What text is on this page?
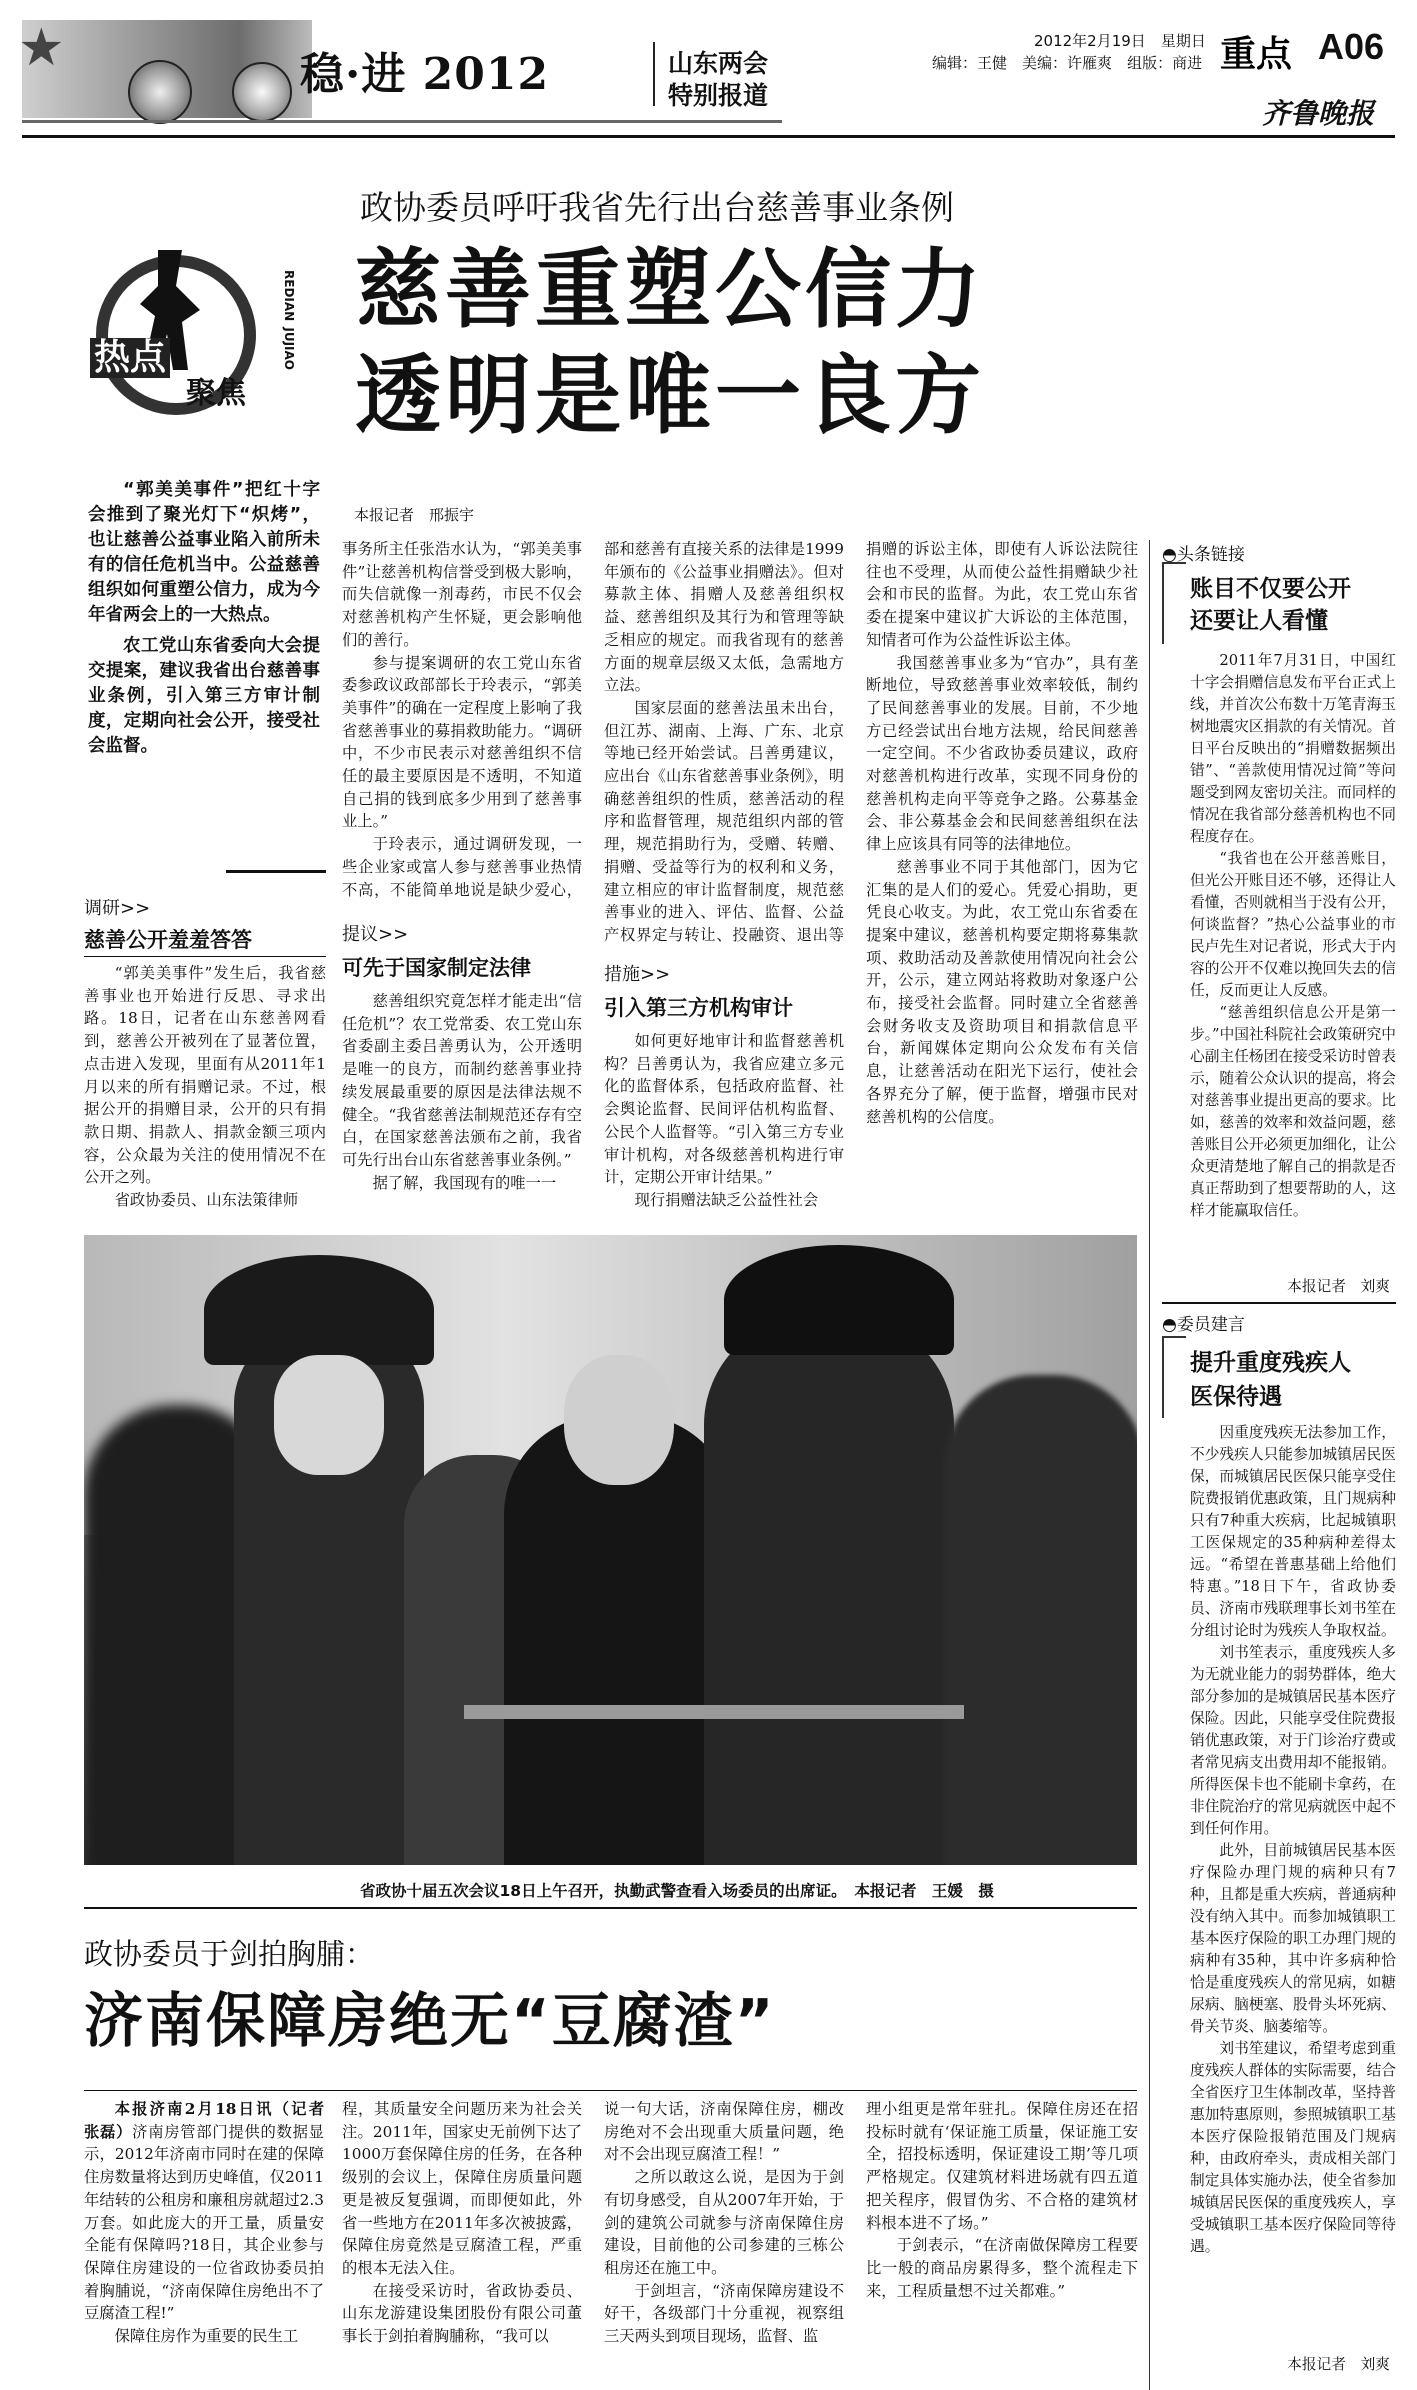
★	稳·进 2012	山东两会
特别报道
2012年2月19日　 星期日
编辑：王健　 美编：许雁爽　 组版：商进 重点 A06
齐鲁晚报
热点
聚焦
REDIAN JUJIAO
政协委员呼吁我省先行出台慈善事业条例
慈善重塑公信力
透明是唯一良方
本报记者　邢振宇

“郭美美事件”把红十字会推到了聚光灯下“炽烤”，也让慈善公益事业陷入前所未有的信任危机当中。公益慈善组织如何重塑公信力，成为今年省两会上的一大热点。

农工党山东省委向大会提交提案，建议我省出台慈善事业条例，引入第三方审计制度，定期向社会公开，接受社会监督。

调研>>
慈善公开羞羞答答

“郭美美事件”发生后，我省慈善事业也开始进行反思、寻求出路。18日，记者在山东慈善网看到，慈善公开被列在了显著位置，点击进入发现，里面有从2011年1月以来的所有捐赠记录。不过，根据公开的捐赠目录，公开的只有捐款日期、捐款人、捐款金额三项内容，公众最为关注的使用情况不在公开之列。

省政协委员、山东法策律师

事务所主任张浩水认为，“郭美美事件”让慈善机构信誉受到极大影响，而失信就像一剂毒药，市民不仅会对慈善机构产生怀疑，更会影响他们的善行。

参与提案调研的农工党山东省委参政议政部部长于玲表示，“郭美美事件”的确在一定程度上影响了我省慈善事业的募捐救助能力。“调研中，不少市民表示对慈善组织不信任的最主要原因是不透明，不知道自己捐的钱到底多少用到了慈善事业上。”

于玲表示，通过调研发现，一些企业家或富人参与慈善事业热情不高，不能简单地说是缺少爱心，

提议>>
可先于国家制定法律

慈善组织究竟怎样才能走出“信任危机”？农工党常委、农工党山东省委副主委吕善勇认为，公开透明是唯一的良方，而制约慈善事业持续发展最重要的原因是法律法规不健全。“我省慈善法制规范还存有空白，在国家慈善法颁布之前，我省可先行出台山东省慈善事业条例。”

据了解，我国现有的唯一一

部和慈善有直接关系的法律是1999年颁布的《公益事业捐赠法》。但对募款主体、捐赠人及慈善组织权益、慈善组织及其行为和管理等缺乏相应的规定。而我省现有的慈善方面的规章层级又太低，急需地方立法。

国家层面的慈善法虽未出台，但江苏、湖南、上海、广东、北京等地已经开始尝试。吕善勇建议，应出台《山东省慈善事业条例》，明确慈善组织的性质，慈善活动的程序和监督管理，规范组织内部的管理，规范捐助行为，受赠、转赠、捐赠、受益等行为的权利和义务，建立相应的审计监督制度，规范慈善事业的进入、评估、监督、公益产权界定与转让、投融资、退出等

措施>>
引入第三方机构审计

如何更好地审计和监督慈善机构？吕善勇认为，我省应建立多元化的监督体系，包括政府监督、社会舆论监督、民间评估机构监督、公民个人监督等。“引入第三方专业审计机构，对各级慈善机构进行审计，定期公开审计结果。”

现行捐赠法缺乏公益性社会

捐赠的诉讼主体，即使有人诉讼法院往往也不受理，从而使公益性捐赠缺少社会和市民的监督。为此，农工党山东省委在提案中建议扩大诉讼的主体范围，知情者可作为公益性诉讼主体。

我国慈善事业多为“官办”，具有垄断地位，导致慈善事业效率较低，制约了民间慈善事业的发展。目前，不少地方已经尝试出台地方法规，给民间慈善一定空间。不少省政协委员建议，政府对慈善机构进行改革，实现不同身份的慈善机构走向平等竞争之路。公募基金会、非公募基金会和民间慈善组织在法律上应该具有同等的法律地位。

慈善事业不同于其他部门，因为它汇集的是人们的爱心。凭爱心捐助，更凭良心收支。为此，农工党山东省委在提案中建议，慈善机构要定期将募集款项、救助活动及善款使用情况向社会公开，公示，建立网站将救助对象逐户公布，接受社会监督。同时建立全省慈善会财务收支及资助项目和捐款信息平台，新闻媒体定期向公众发布有关信息，让慈善活动在阳光下运行，使社会各界充分了解，便于监督，增强市民对慈善机构的公信度。

省政协十届五次会议18日上午召开，执勤武警查看入场委员的出席证。　本报记者　王媛　摄
政协委员于剑拍胸脯：
济南保障房绝无“豆腐渣”

本报济南2月18日讯（记者　张磊）济南房管部门提供的数据显示，2012年济南市同时在建的保障住房数量将达到历史峰值，仅2011年结转的公租房和廉租房就超过2.3万套。如此庞大的开工量，质量安全能有保障吗?18日，其企业参与保障住房建设的一位省政协委员拍着胸脯说，“济南保障住房绝出不了豆腐渣工程!”

保障住房作为重要的民生工

程，其质量安全问题历来为社会关注。2011年，国家史无前例下达了1000万套保障住房的任务，在各种级别的会议上，保障住房质量问题更是被反复强调，而即便如此，外省一些地方在2011年多次被披露，保障住房竟然是豆腐渣工程，严重的根本无法入住。

在接受采访时，省政协委员、山东龙游建设集团股份有限公司董事长于剑拍着胸脯称，“我可以

说一句大话，济南保障住房，棚改房绝对不会出现重大质量问题，绝对不会出现豆腐渣工程！”

之所以敢这么说，是因为于剑有切身感受，自从2007年开始，于剑的建筑公司就参与济南保障住房建设，目前他的公司参建的三栋公租房还在施工中。

于剑坦言，“济南保障房建设不好干，各级部门十分重视，视察组三天两头到项目现场，监督、监

理小组更是常年驻扎。保障住房还在招投标时就有‘保证施工质量，保证施工安全，招投标透明，保证建设工期’等几项严格规定。仅建筑材料进场就有四五道把关程序，假冒伪劣、不合格的建筑材料根本进不了场。”

于剑表示，“在济南做保障房工程要比一般的商品房累得多，整个流程走下来，工程质量想不过关都难。”

◓头条链接
账目不仅要公开
还要让人看懂

2011年7月31日，中国红十字会捐赠信息发布平台正式上线，并首次公布数十万笔青海玉树地震灾区捐款的有关情况。首日平台反映出的“捐赠数据频出错”、“善款使用情况过简”等问题受到网友密切关注。而同样的情况在我省部分慈善机构也不同程度存在。

“我省也在公开慈善账目，但光公开账目还不够，还得让人看懂，否则就相当于没有公开，何谈监督？”热心公益事业的市民卢先生对记者说，形式大于内容的公开不仅难以挽回失去的信任，反而更让人反感。

“慈善组织信息公开是第一步。”中国社科院社会政策研究中心副主任杨团在接受采访时曾表示，随着公众认识的提高，将会对慈善事业提出更高的要求。比如，慈善的效率和效益问题，慈善账目公开必须更加细化，让公众更清楚地了解自己的捐款是否真正帮助到了想要帮助的人，这样才能赢取信任。

本报记者　刘爽
◓委员建言
提升重度残疾人
医保待遇

因重度残疾无法参加工作，不少残疾人只能参加城镇居民医保，而城镇居民医保只能享受住院费报销优惠政策，且门规病种只有7种重大疾病，比起城镇职工医保规定的35种病种差得太远。“希望在普惠基础上给他们特惠。”18日下午，省政协委员、济南市残联理事长刘书笙在分组讨论时为残疾人争取权益。

刘书笙表示，重度残疾人多为无就业能力的弱势群体，绝大部分参加的是城镇居民基本医疗保险。因此，只能享受住院费报销优惠政策，对于门诊治疗费或者常见病支出费用却不能报销。所得医保卡也不能刷卡拿药，在非住院治疗的常见病就医中起不到任何作用。

此外，目前城镇居民基本医疗保险办理门规的病种只有7种，且都是重大疾病，普通病种没有纳入其中。而参加城镇职工基本医疗保险的职工办理门规的病种有35种，其中许多病种恰恰是重度残疾人的常见病，如糖尿病、脑梗塞、股骨头坏死病、骨关节炎、脑萎缩等。

刘书笙建议，希望考虑到重度残疾人群体的实际需要，结合全省医疗卫生体制改革，坚持普惠加特惠原则，参照城镇职工基本医疗保险报销范围及门规病种，由政府牵头，责成相关部门制定具体实施办法，使全省参加城镇居民医保的重度残疾人，享受城镇职工基本医疗保险同等待遇。

本报记者　刘爽
